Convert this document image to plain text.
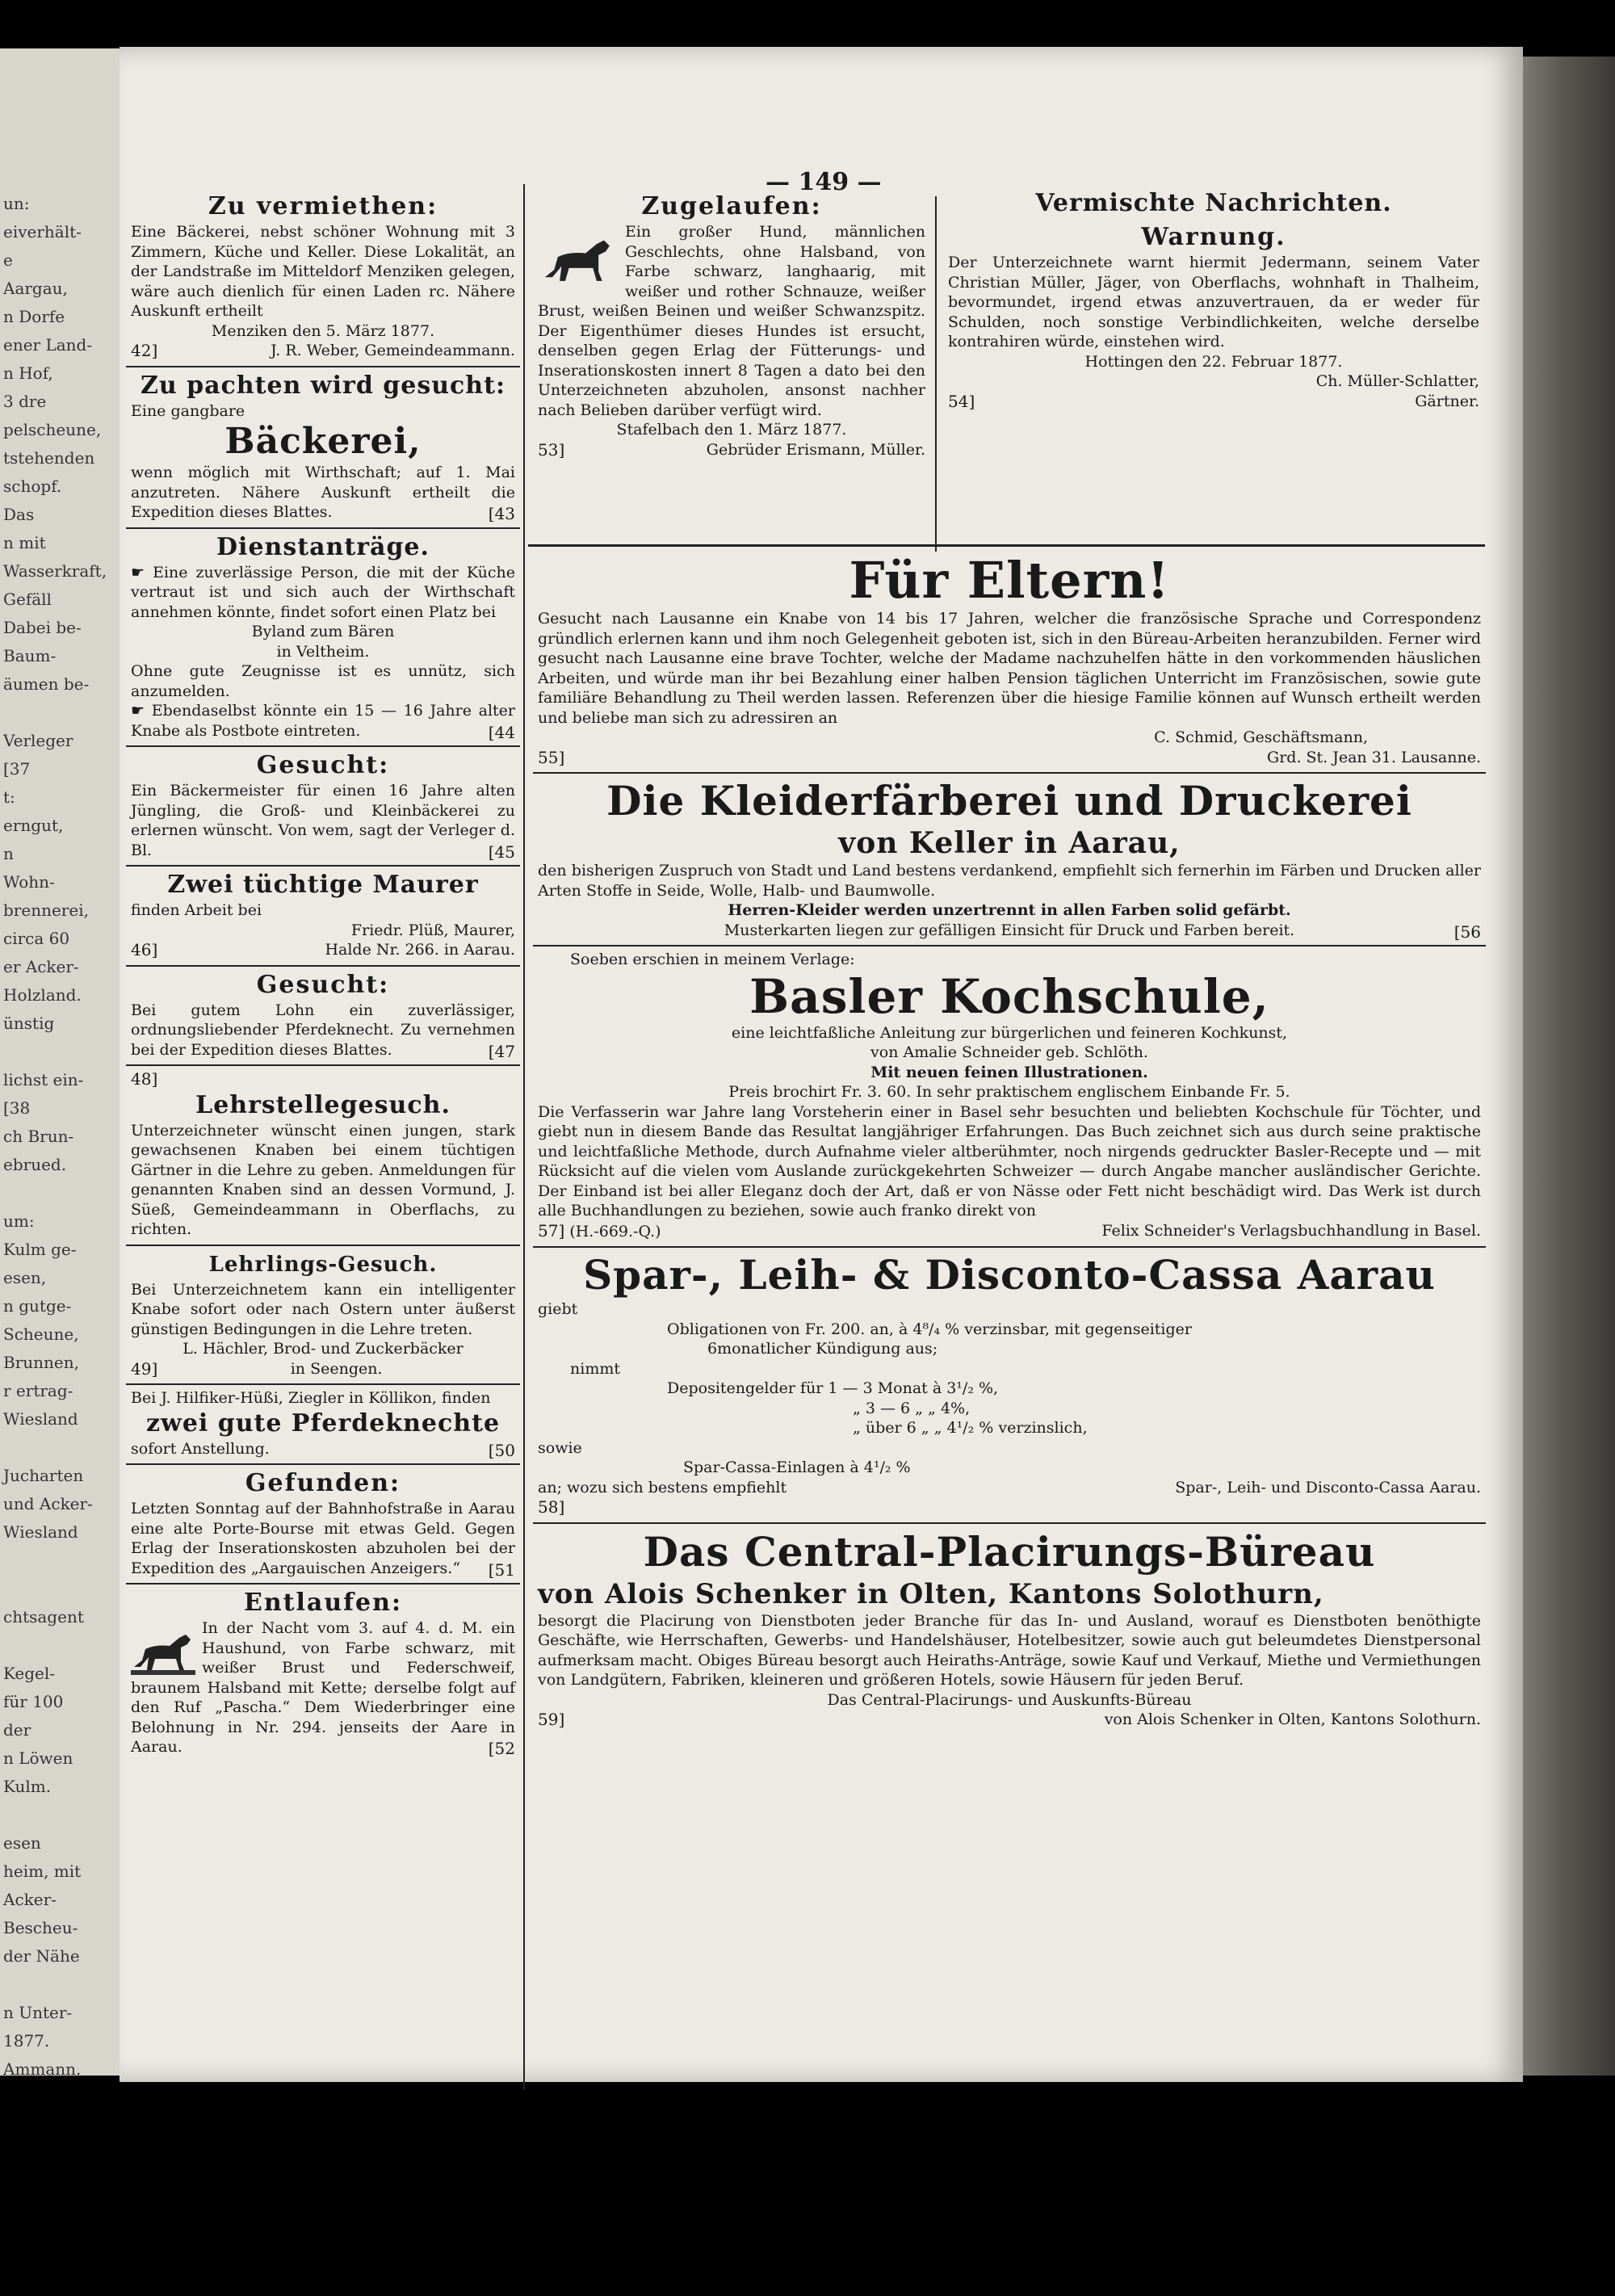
un:
eiverhält-
e
Aargau,
n Dorfe
ener Land-
n Hof,
3 dre
pelscheune,
tstehenden
schopf.
Das
n mit
Wasserkraft,
Gefäll
Dabei be-
Baum-
äumen be-
Verleger
[37
t:
erngut,
n
Wohn-
brennerei,
circa 60
er Acker-
Holzland.
ünstig
lichst ein-
[38
ch Brun-
ebrued.
um:
Kulm ge-
esen,
n gutge-
Scheune,
Brunnen,
r ertrag-
Wiesland
Jucharten
und Acker-
Wiesland
chtsagent
Kegel-
für 100
der
n Löwen
Kulm.
esen
heim, mit
Acker-
Bescheu-
der Nähe
n Unter-
1877.
Ammann.
— 149 —
Zu vermiethen:

Eine Bäckerei, nebst schöner Wohnung mit 3 Zimmern, Küche und Keller. Diese Lokalität, an der Landstraße im Mitteldorf Menziken gelegen, wäre auch dienlich für einen Laden rc. Nähere Auskunft ertheilt

Menziken den 5. März 1877.
42]	J. R. Weber, Gemeindeammann.
Zu pachten wird gesucht:
Eine gangbare
Bäckerei,

wenn möglich mit Wirthschaft; auf 1. Mai anzutreten. Nähere Auskunft ertheilt die Expedition dieses Blattes.	[43
Dienstanträge.

☛ Eine zuverlässige Person, die mit der Küche vertraut ist und sich auch der Wirthschaft annehmen könnte, findet sofort einen Platz bei

Byland zum Bären
in Veltheim.

Ohne gute Zeugnisse ist es unnütz, sich anzumelden.

☛ Ebendaselbst könnte ein 15 — 16 Jahre alter Knabe als Postbote eintreten.	[44
Gesucht:

Ein Bäckermeister für einen 16 Jahre alten Jüngling, die Groß- und Kleinbäckerei zu erlernen wünscht. Von wem, sagt der Verleger d. Bl.	[45
Zwei tüchtige Maurer
finden Arbeit bei
Friedr. Plüß, Maurer,
46]	Halde Nr. 266. in Aarau.
Gesucht:

Bei gutem Lohn ein zuverlässiger, ordnungsliebender Pferdeknecht. Zu vernehmen bei der Expedition dieses Blattes.	[47
48]
Lehrstellegesuch.

Unterzeichneter wünscht einen jungen, stark gewachsenen Knaben bei einem tüchtigen Gärtner in die Lehre zu geben. Anmeldungen für genannten Knaben sind an dessen Vormund, J. Süeß, Gemeindeammann in Oberflachs, zu richten.

Lehrlings-Gesuch.

Bei Unterzeichnetem kann ein intelligenter Knabe sofort oder nach Ostern unter äußerst günstigen Bedingungen in die Lehre treten.

L. Hächler, Brod- und Zuckerbäcker
49]	in Seengen.

Bei J. Hilfiker-Hüßi, Ziegler in Köllikon, finden

zwei gute Pferdeknechte
sofort Anstellung.	[50
Gefunden:

Letzten Sonntag auf der Bahnhofstraße in Aarau eine alte Porte-Bourse mit etwas Geld. Gegen Erlag der Inserationskosten abzuholen bei der Expedition des „Aargauischen Anzeigers.“	[51
Entlaufen:

In der Nacht vom 3. auf 4. d. M. ein Haushund, von Farbe schwarz, mit weißer Brust und Federschweif, braunem Halsband mit Kette; derselbe folgt auf den Ruf „Pascha.“ Dem Wiederbringer eine Belohnung in Nr. 294. jenseits der Aare in Aarau.	[52
Zugelaufen:

Ein großer Hund, männlichen Geschlechts, ohne Halsband, von Farbe schwarz, langhaarig, mit weißer und rother Schnauze, weißer Brust, weißen Beinen und weißer Schwanzspitz. Der Eigenthümer dieses Hundes ist ersucht, denselben gegen Erlag der Fütterungs- und Inserationskosten innert 8 Tagen a dato bei den Unterzeichneten abzuholen, ansonst nachher nach Belieben darüber verfügt wird.

Stafelbach den 1. März 1877.
53]	Gebrüder Erismann, Müller.
Vermischte Nachrichten.
Warnung.

Der Unterzeichnete warnt hiermit Jedermann, seinem Vater Christian Müller, Jäger, von Oberflachs, wohnhaft in Thalheim, bevormundet, irgend etwas anzuvertrauen, da er weder für Schulden, noch sonstige Verbindlichkeiten, welche derselbe kontrahiren würde, einstehen wird.

Hottingen den 22. Februar 1877.
Ch. Müller-Schlatter,
54]	Gärtner.
Für Eltern!

Gesucht nach Lausanne ein Knabe von 14 bis 17 Jahren, welcher die französische Sprache und Correspondenz gründlich erlernen kann und ihm noch Gelegenheit geboten ist, sich in den Büreau-Arbeiten heranzubilden. Ferner wird gesucht nach Lausanne eine brave Tochter, welche der Madame nachzuhelfen hätte in den vorkommenden häuslichen Arbeiten, und würde man ihr bei Bezahlung einer halben Pension täglichen Unterricht im Französischen, sowie gute familiäre Behandlung zu Theil werden lassen. Referenzen über die hiesige Familie können auf Wunsch ertheilt werden und beliebe man sich zu adressiren an

C. Schmid, Geschäftsmann,
55]	Grd. St. Jean 31. Lausanne.
Die Kleiderfärberei und Druckerei
von Keller in Aarau,

den bisherigen Zuspruch von Stadt und Land bestens verdankend, empfiehlt sich fernerhin im Färben und Drucken aller Arten Stoffe in Seide, Wolle, Halb- und Baumwolle.

Herren-Kleider werden unzertrennt in allen Farben solid gefärbt.
Musterkarten liegen zur gefälligen Einsicht für Druck und Farben bereit.	[56
Soeben erschien in meinem Verlage:
Basler Kochschule,
eine leichtfaßliche Anleitung zur bürgerlichen und feineren Kochkunst,
von Amalie Schneider geb. Schlöth.
Mit neuen feinen Illustrationen.
Preis brochirt Fr. 3. 60. In sehr praktischem englischem Einbande Fr. 5.

Die Verfasserin war Jahre lang Vorsteherin einer in Basel sehr besuchten und beliebten Kochschule für Töchter, und giebt nun in diesem Bande das Resultat langjähriger Erfahrungen. Das Buch zeichnet sich aus durch seine praktische und leichtfaßliche Methode, durch Aufnahme vieler altberühmter, noch nirgends gedruckter Basler-Recepte und — mit Rücksicht auf die vielen vom Auslande zurückgekehrten Schweizer — durch Angabe mancher ausländischer Gerichte. Der Einband ist bei aller Eleganz doch der Art, daß er von Nässe oder Fett nicht beschädigt wird. Das Werk ist durch alle Buchhandlungen zu beziehen, sowie auch franko direkt von

57] (H.-669.-Q.)	Felix Schneider's Verlagsbuchhandlung in Basel.
Spar-, Leih- & Disconto-Cassa Aarau
giebt
Obligationen von Fr. 200. an, à 4⁸/₄ % verzinsbar, mit gegenseitiger
6monatlicher Kündigung aus;
nimmt
Depositengelder für 1 — 3 Monat à 3¹/₂ %,
„ 3 — 6 „ „ 4%,
„ über 6 „ „ 4¹/₂ % verzinslich,
sowie
Spar-Cassa-Einlagen à 4¹/₂ %
an; wozu sich bestens empfiehlt	Spar-, Leih- und Disconto-Cassa Aarau.
58]
Das Central-Placirungs-Büreau
von Alois Schenker in Olten, Kantons Solothurn,

besorgt die Placirung von Dienstboten jeder Branche für das In- und Ausland, worauf es Dienstboten benöthigte Geschäfte, wie Herrschaften, Gewerbs- und Handelshäuser, Hotelbesitzer, sowie auch gut beleumdetes Dienstpersonal aufmerksam macht. Obiges Büreau besorgt auch Heiraths-Anträge, sowie Kauf und Verkauf, Miethe und Vermiethungen von Landgütern, Fabriken, kleineren und größeren Hotels, sowie Häusern für jeden Beruf.

Das Central-Placirungs- und Auskunfts-Büreau
59]	von Alois Schenker in Olten, Kantons Solothurn.
